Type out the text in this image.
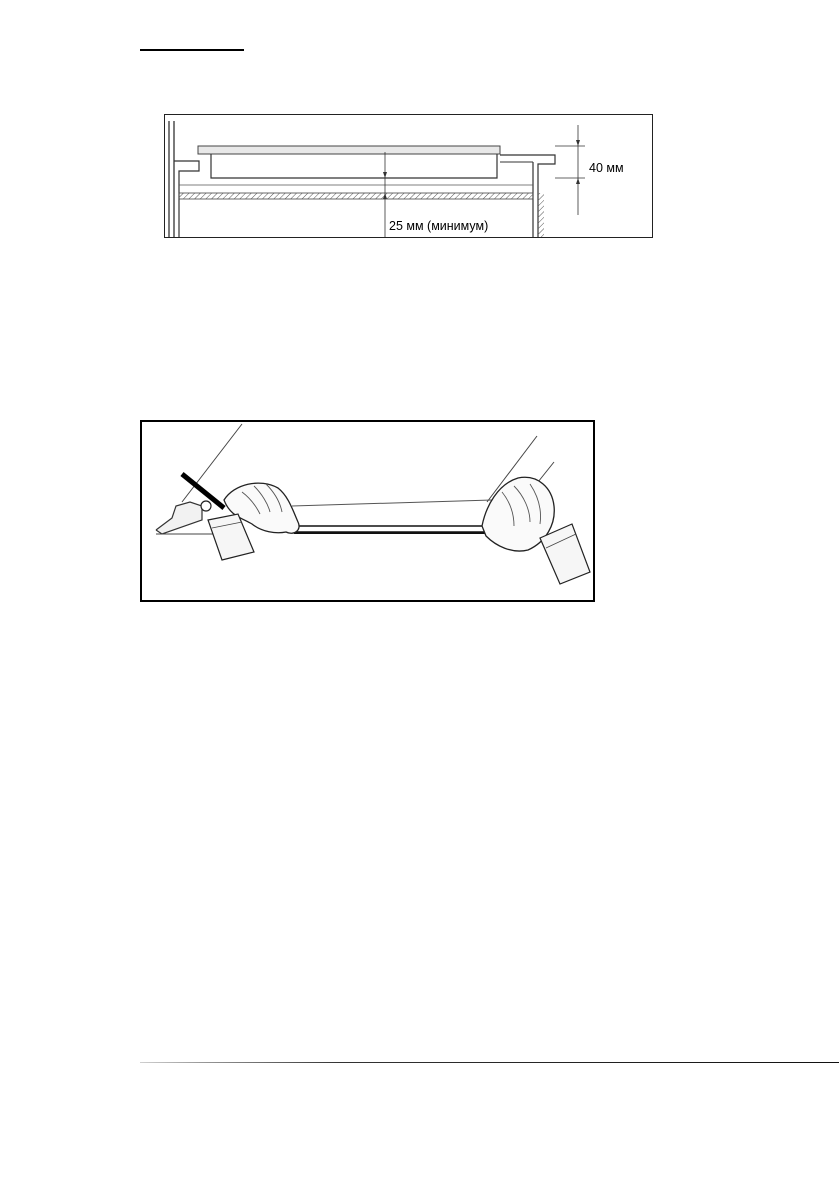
40 мм
25 мм (минимум)
